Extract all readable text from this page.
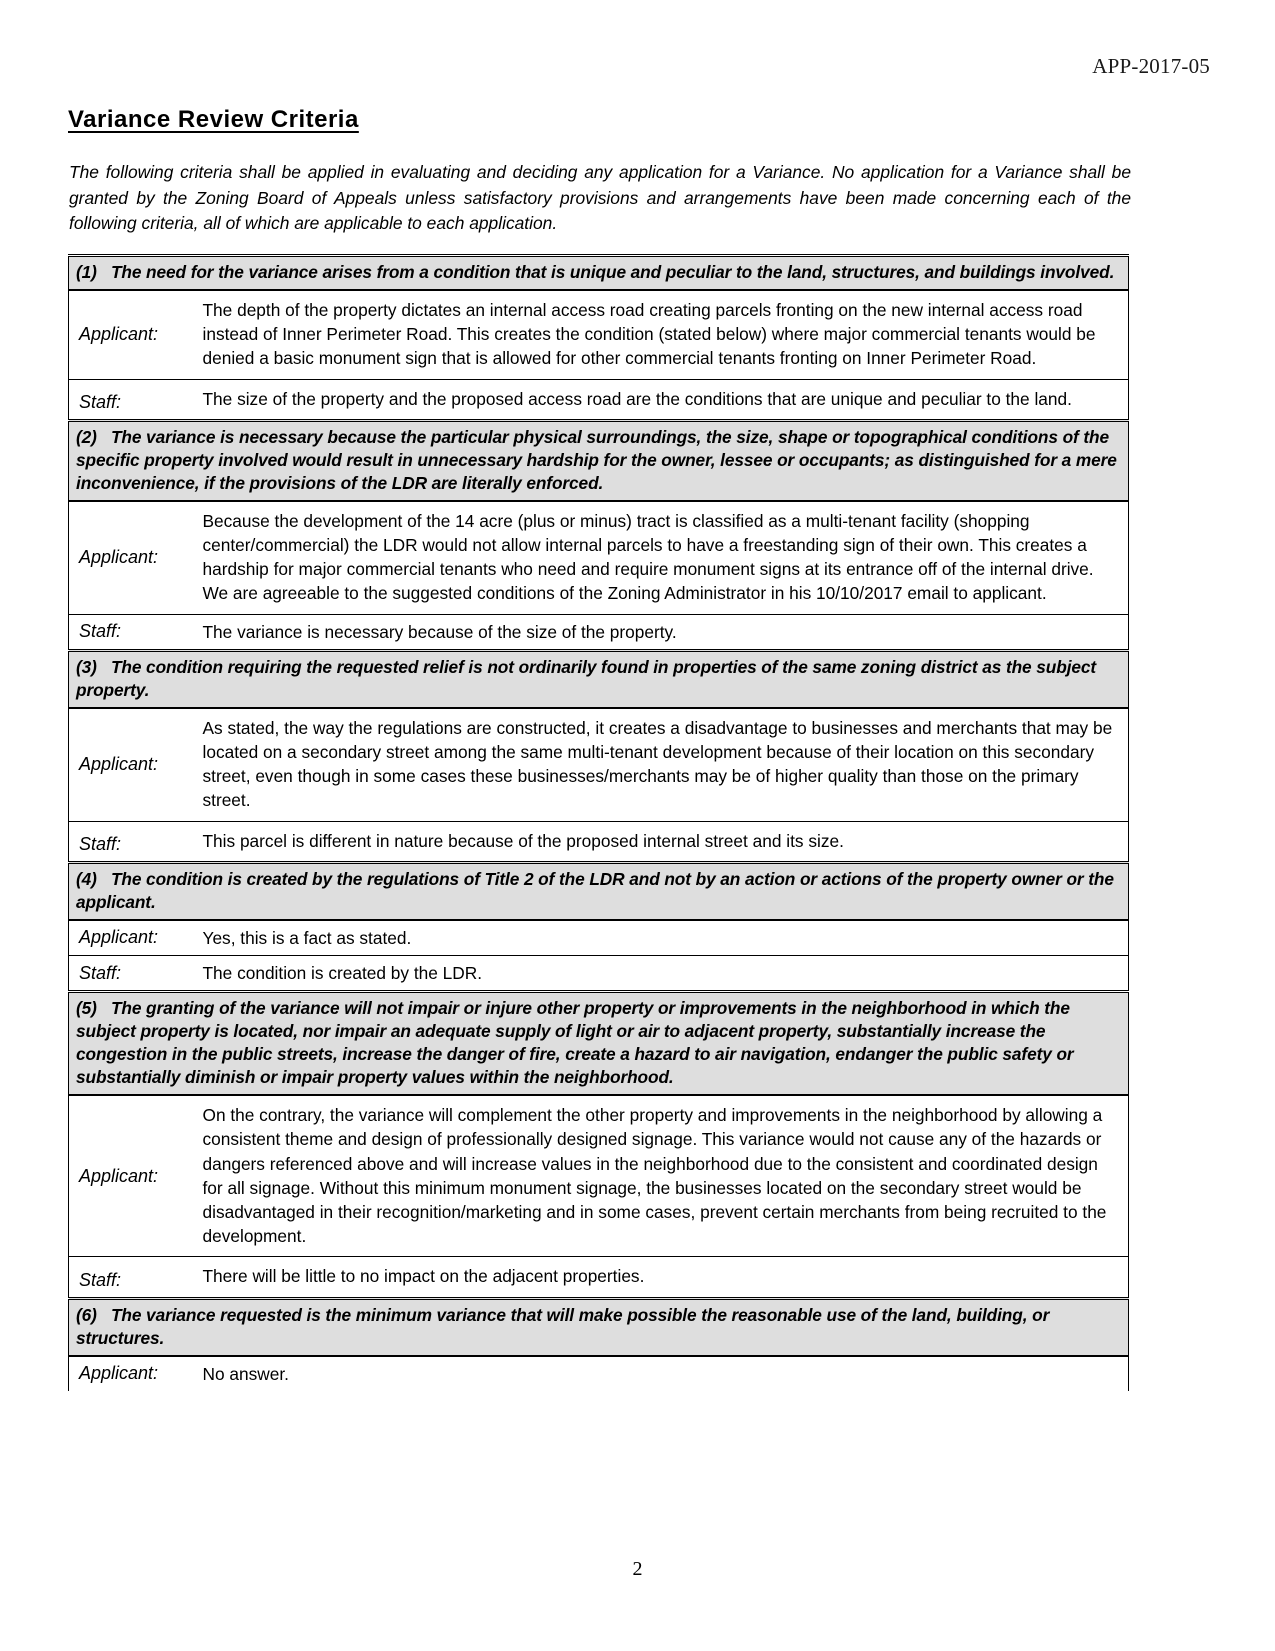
APP-2017-05
Variance Review Criteria
The following criteria shall be applied in evaluating and deciding any application for a Variance. No application for a Variance shall be granted by the Zoning Board of Appeals unless satisfactory provisions and arrangements have been made concerning each of the following criteria, all of which are applicable to each application.
(1) The need for the variance arises from a condition that is unique and peculiar to the land, structures, and buildings involved.	

Applicant:	The depth of the property dictates an internal access road creating parcels fronting on the new internal access road instead of Inner Perimeter Road. This creates the condition (stated below) where major commercial tenants would be denied a basic monument sign that is allowed for other commercial tenants fronting on Inner Perimeter Road.
Staff:	The size of the property and the proposed access road are the conditions that are unique and peculiar to the land.

(2) The variance is necessary because the particular physical surroundings, the size, shape or topographical conditions of the specific property involved would result in unnecessary hardship for the owner, lessee or occupants; as distinguished for a mere inconvenience, if the provisions of the LDR are literally enforced.	

Applicant:	Because the development of the 14 acre (plus or minus) tract is classified as a multi-tenant facility (shopping center/commercial) the LDR would not allow internal parcels to have a freestanding sign of their own. This creates a hardship for major commercial tenants who need and require monument signs at its entrance off of the internal drive. We are agreeable to the suggested conditions of the Zoning Administrator in his 10/10/2017 email to applicant.
Staff:	The variance is necessary because of the size of the property.

(3) The condition requiring the requested relief is not ordinarily found in properties of the same zoning district as the subject property.	

Applicant:	As stated, the way the regulations are constructed, it creates a disadvantage to businesses and merchants that may be located on a secondary street among the same multi-tenant development because of their location on this secondary street, even though in some cases these businesses/merchants may be of higher quality than those on the primary street.
Staff:	This parcel is different in nature because of the proposed internal street and its size.

(4) The condition is created by the regulations of Title 2 of the LDR and not by an action or actions of the property owner or the applicant.	

Applicant:	Yes, this is a fact as stated.
Staff:	The condition is created by the LDR.

(5) The granting of the variance will not impair or injure other property or improvements in the neighborhood in which the subject property is located, nor impair an adequate supply of light or air to adjacent property, substantially increase the congestion in the public streets, increase the danger of fire, create a hazard to air navigation, endanger the public safety or substantially diminish or impair property values within the neighborhood.	

Applicant:	On the contrary, the variance will complement the other property and improvements in the neighborhood by allowing a consistent theme and design of professionally designed signage. This variance would not cause any of the hazards or dangers referenced above and will increase values in the neighborhood due to the consistent and coordinated design for all signage. Without this minimum monument signage, the businesses located on the secondary street would be disadvantaged in their recognition/marketing and in some cases, prevent certain merchants from being recruited to the development.
Staff:	There will be little to no impact on the adjacent properties.

(6) The variance requested is the minimum variance that will make possible the reasonable use of the land, building, or structures.	

Applicant:	No answer.
2
